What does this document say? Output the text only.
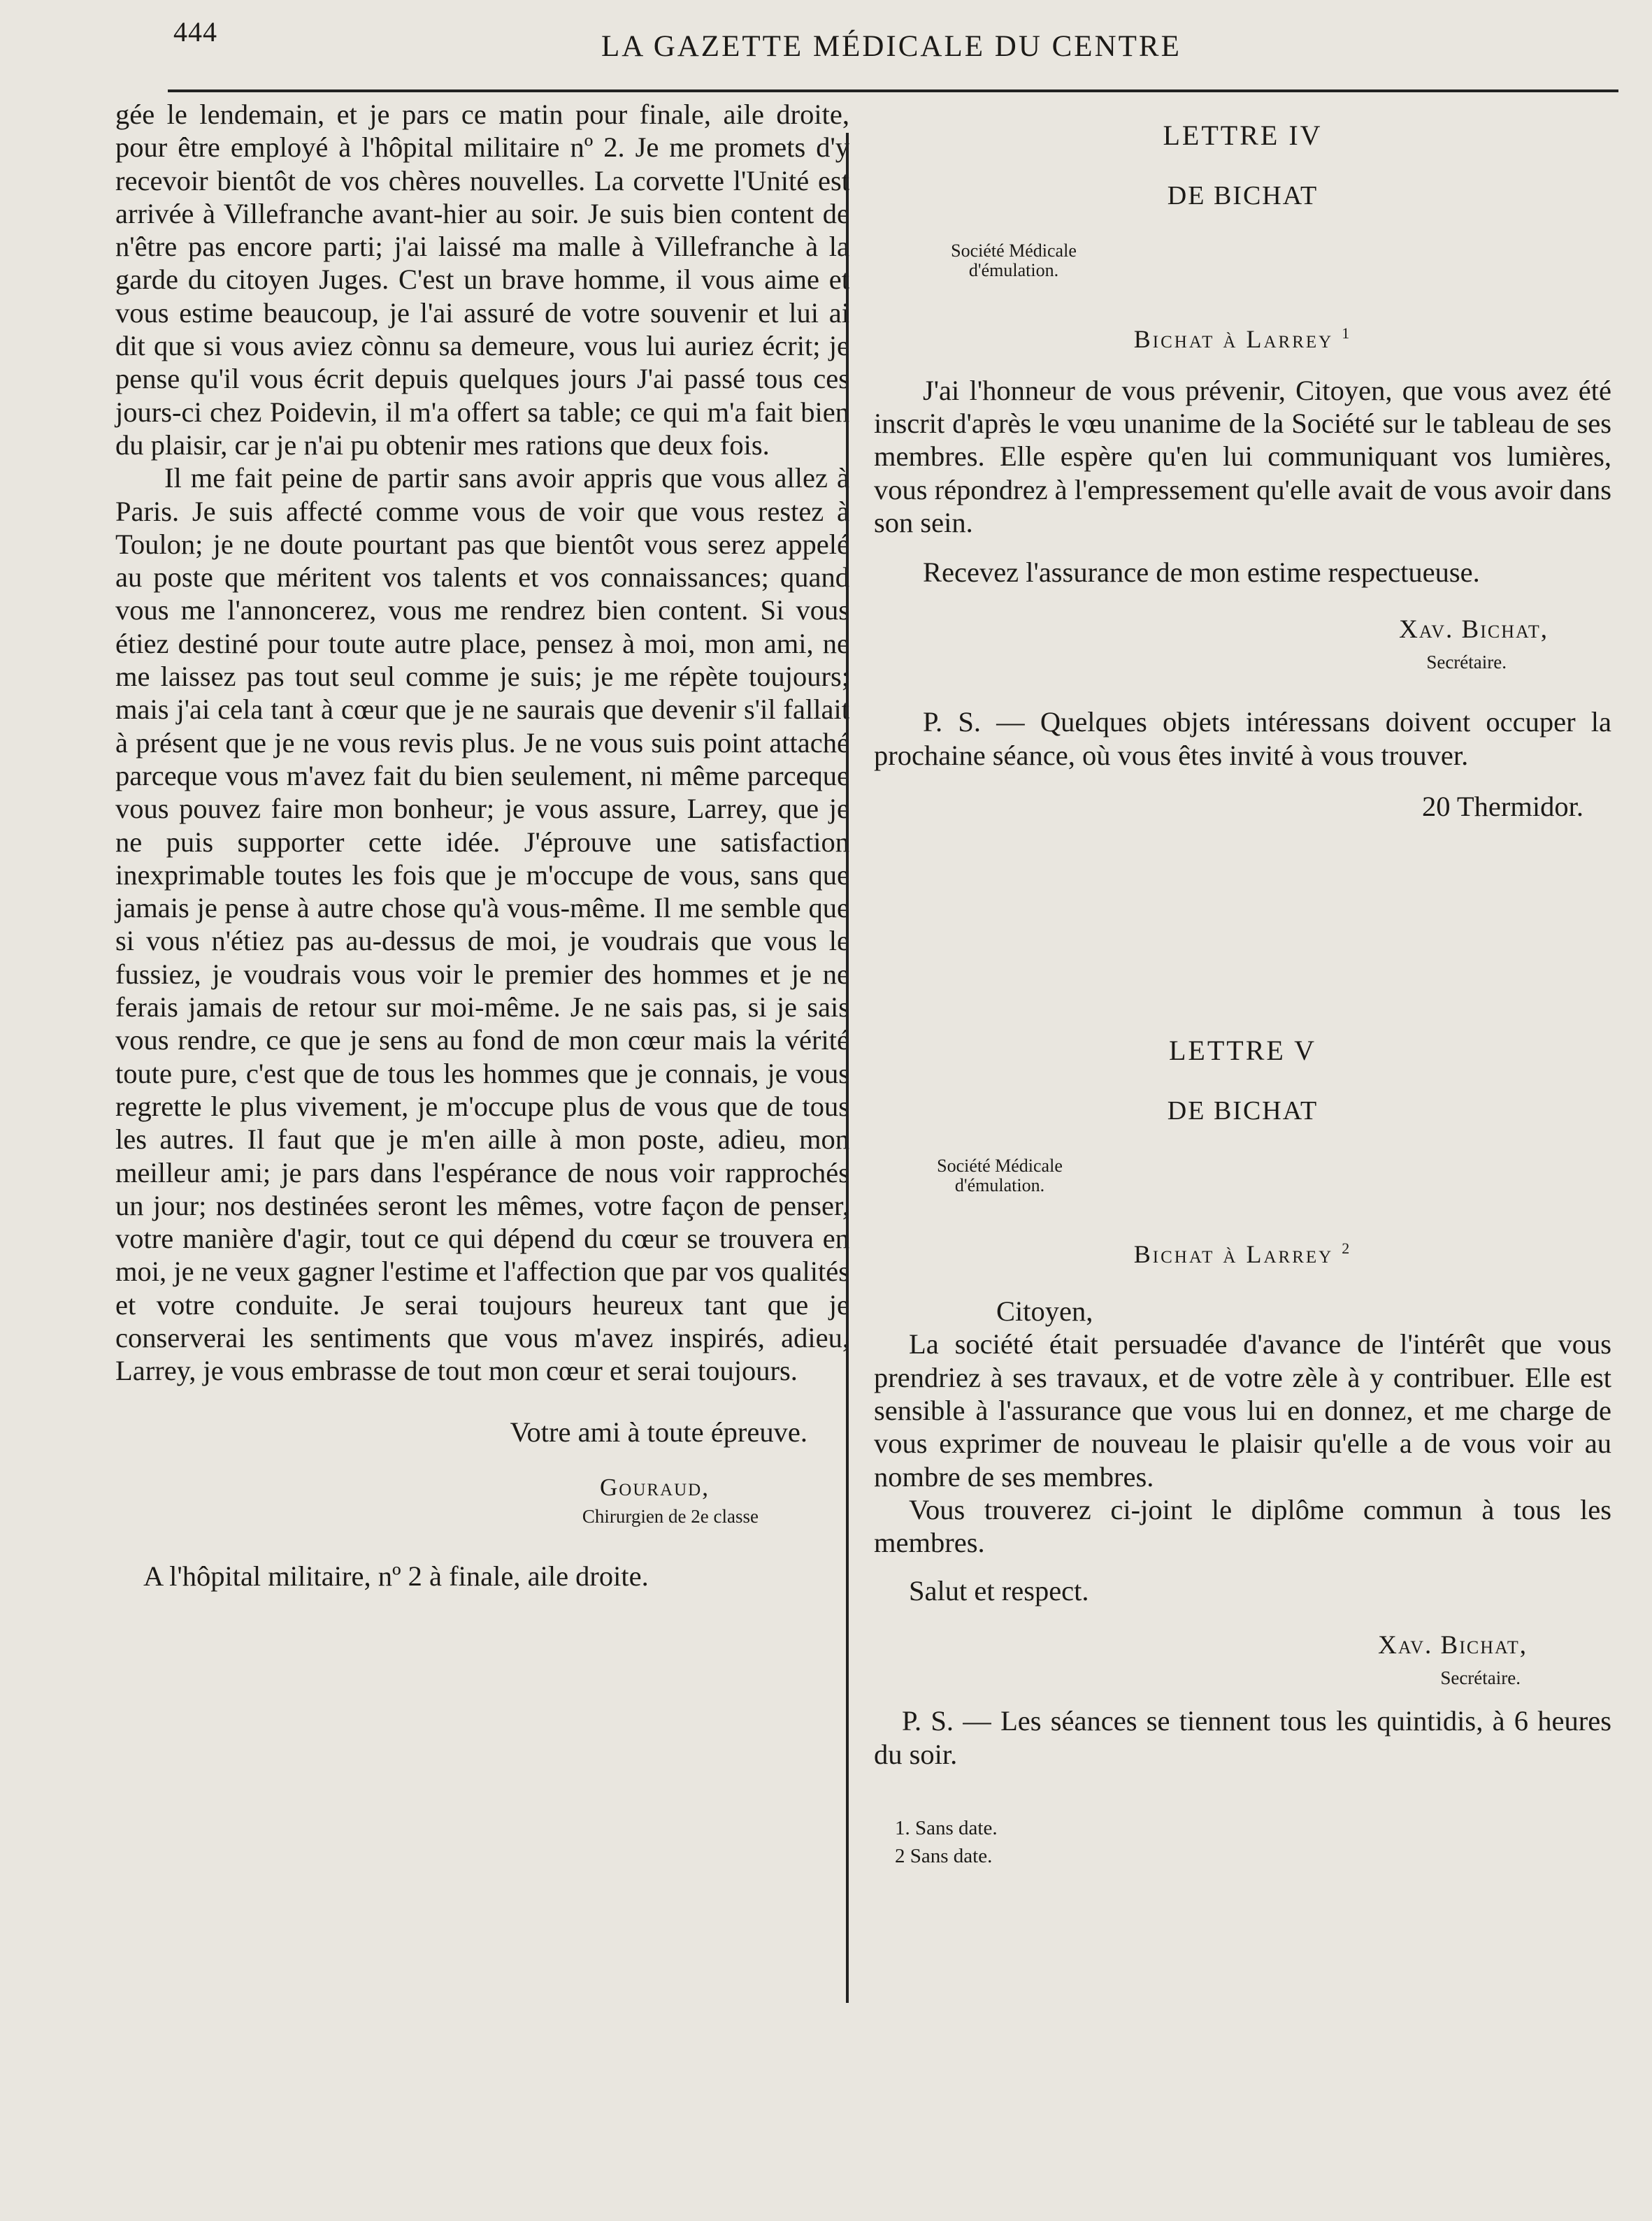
444	LA GAZETTE MÉDICALE DU CENTRE

gée le lendemain, et je pars ce matin pour finale, aile droite, pour être employé à l'hôpital militaire nº 2. Je me promets d'y recevoir bientôt de vos chères nouvelles. La corvette l'Unité est arrivée à Villefranche avant-hier au soir. Je suis bien content de n'être pas encore parti; j'ai laissé ma malle à Villefranche à la garde du citoyen Juges. C'est un brave homme, il vous aime et vous estime beaucoup, je l'ai assuré de votre souvenir et lui ai dit que si vous aviez cònnu sa demeure, vous lui auriez écrit; je pense qu'il vous écrit depuis quelques jours J'ai passé tous ces jours-ci chez Poidevin, il m'a offert sa table; ce qui m'a fait bien du plaisir, car je n'ai pu obtenir mes rations que deux fois.

Il me fait peine de partir sans avoir appris que vous allez à Paris. Je suis affecté comme vous de voir que vous restez à Toulon; je ne doute pourtant pas que bientôt vous serez appelé au poste que méritent vos talents et vos connaissances; quand vous me l'annoncerez, vous me rendrez bien content. Si vous étiez destiné pour toute autre place, pensez à moi, mon ami, ne me laissez pas tout seul comme je suis; je me répète toujours; mais j'ai cela tant à cœur que je ne saurais que devenir s'il fallait à présent que je ne vous revis plus. Je ne vous suis point attaché parceque vous m'avez fait du bien seulement, ni même parceque vous pouvez faire mon bonheur; je vous assure, Larrey, que je ne puis supporter cette idée. J'éprouve une satisfaction inexprimable toutes les fois que je m'occupe de vous, sans que jamais je pense à autre chose qu'à vous-même. Il me semble que si vous n'étiez pas au-dessus de moi, je voudrais que vous le fussiez, je voudrais vous voir le premier des hommes et je ne ferais jamais de retour sur moi-même. Je ne sais pas, si je sais vous rendre, ce que je sens au fond de mon cœur mais la vérité toute pure, c'est que de tous les hommes que je connais, je vous regrette le plus vivement, je m'occupe plus de vous que de tous les autres. Il faut que je m'en aille à mon poste, adieu, mon meilleur ami; je pars dans l'espérance de nous voir rapprochés un jour; nos destinées seront les mêmes, votre façon de penser, votre manière d'agir, tout ce qui dépend du cœur se trouvera en moi, je ne veux gagner l'estime et l'affection que par vos qualités et votre conduite. Je serai toujours heureux tant que je conserverai les sentiments que vous m'avez inspirés, adieu, Larrey, je vous embrasse de tout mon cœur et serai toujours.

Votre ami à toute épreuve.
Gouraud,
Chirurgien de 2e classe
A l'hôpital militaire, nº 2 à finale, aile droite.
LETTRE IV
DE BICHAT
Société Médicale
d'émulation.
Bichat à Larrey $^1$

J'ai l'honneur de vous prévenir, Citoyen, que vous avez été inscrit d'après le vœu unanime de la Société sur le tableau de ses membres. Elle espère qu'en lui communiquant vos lumières, vous répondrez à l'empressement qu'elle avait de vous avoir dans son sein.

Recevez l'assurance de mon estime respectueuse.

Xav. Bichat,
Secrétaire.

P. S. — Quelques objets intéressans doivent occuper la prochaine séance, où vous êtes invité à vous trouver.

20 Thermidor.
LETTRE V
DE BICHAT
Société Médicale
d'émulation.
Bichat à Larrey $^2$
Citoyen,

La société était persuadée d'avance de l'intérêt que vous prendriez à ses travaux, et de votre zèle à y contribuer. Elle est sensible à l'assurance que vous lui en donnez, et me charge de vous exprimer de nouveau le plaisir qu'elle a de vous voir au nombre de ses membres.

Vous trouverez ci-joint le diplôme commun à tous les membres.

Salut et respect.

Xav. Bichat,
Secrétaire.

P. S. — Les séances se tiennent tous les quintidis, à 6 heures du soir.

1. Sans date.
2 Sans date.
